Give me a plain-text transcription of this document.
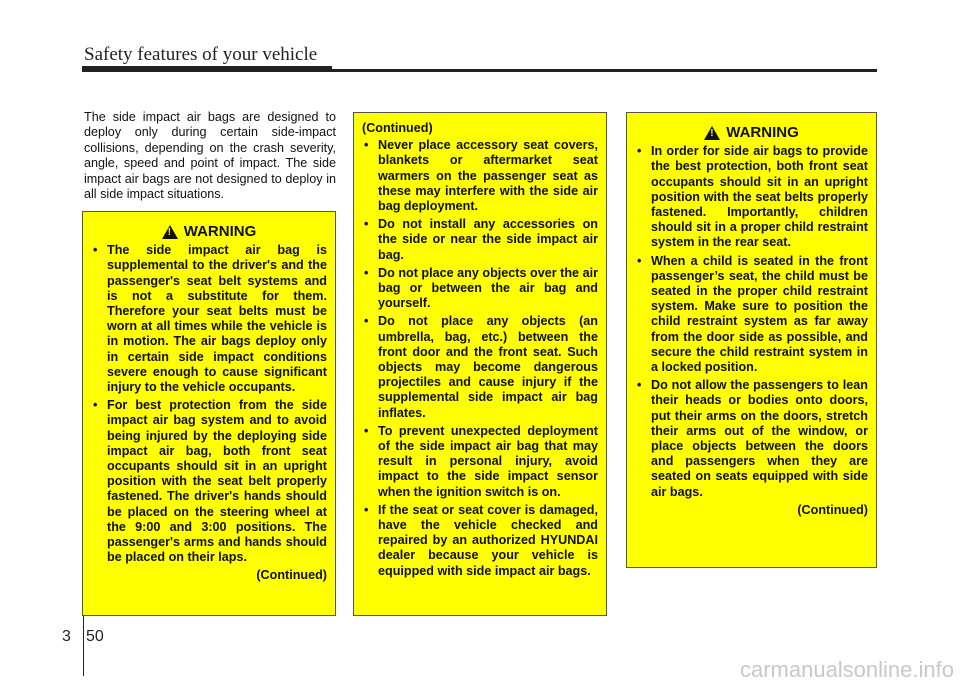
Safety features of your vehicle

The side impact air bags are designed to deploy only during certain side-impact collisions, depending on the crash severity, angle, speed and point of impact. The side impact air bags are not designed to deploy in all side impact situations.

! WARNING
• The side impact air bag is supplemental to the driver's and the passenger's seat belt systems and is not a substitute for them. Therefore your seat belts must be worn at all times while the vehicle is in motion. The air bags deploy only in certain side impact conditions severe enough to cause significant injury to the vehicle occupants.
• For best protection from the side impact air bag system and to avoid being injured by the deploying side impact air bag, both front seat occupants should sit in an upright position with the seat belt properly fastened. The driver's hands should be placed on the steering wheel at the 9:00 and 3:00 positions. The passenger's arms and hands should be placed on their laps.
(Continued)
(Continued)
• Never place accessory seat covers, blankets or aftermarket seat warmers on the passenger seat as these may interfere with the side air bag deployment.
• Do not install any accessories on the side or near the side impact air bag.
• Do not place any objects over the air bag or between the air bag and yourself.
• Do not place any objects (an umbrella, bag, etc.) between the front door and the front seat. Such objects may become dangerous projectiles and cause injury if the supplemental side impact air bag inflates.
• To prevent unexpected deployment of the side impact air bag that may result in personal injury, avoid impact to the side impact sensor when the ignition switch is on.
• If the seat or seat cover is damaged, have the vehicle checked and repaired by an authorized HYUNDAI dealer because your vehicle is equipped with side impact air bags.
! WARNING
• In order for side air bags to provide the best protection, both front seat occupants should sit in an upright position with the seat belts properly fastened. Importantly, children should sit in a proper child restraint system in the rear seat.
• When a child is seated in the front passenger’s seat, the child must be seated in the proper child restraint system. Make sure to position the child restraint system as far away from the door side as possible, and secure the child restraint system in a locked position.
• Do not allow the passengers to lean their heads or bodies onto doors, put their arms on the doors, stretch their arms out of the window, or place objects between the doors and passengers when they are seated on seats equipped with side air bags.
(Continued)
3 50
carmanualsonline.info
